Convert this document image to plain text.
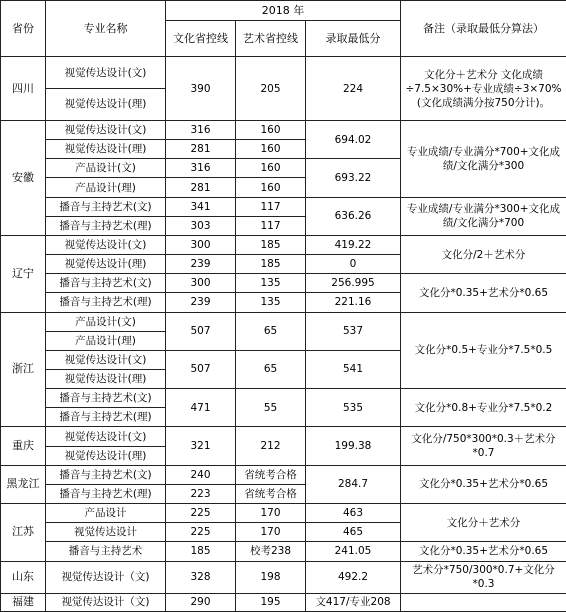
省份	专业名称	2018 年			备注（录取最低分算法）
		文化省控线	艺术省控线	录取最低分	
四川	视觉传达设计(文)	390	205	224	文化分＋艺术分 文化成绩÷7.5×30%+专业成绩÷3×70%(文化成绩满分按750分计)。
	视觉传达设计(理)				
安徽	视觉传达设计(文)	316	160	694.02	专业成绩/专业满分*700+文化成绩/文化满分*300
	视觉传达设计(理)	281	160		
	产品设计(文)	316	160	693.22	
	产品设计(理)	281	160		
	播音与主持艺术(文)	341	117	636.26	专业成绩/专业满分*300+文化成绩/文化满分*700
	播音与主持艺术(理)	303	117		
辽宁	视觉传达设计(文)	300	185	419.22	文化分/2＋艺术分
	视觉传达设计(理)	239	185	0	
	播音与主持艺术(文)	300	135	256.995	文化分*0.35+艺术分*0.65
	播音与主持艺术(理)	239	135	221.16	
浙江	产品设计(文)	507	65	537	文化分*0.5+专业分*7.5*0.5
	产品设计(理)				
	视觉传达设计(文)	507	65	541	
	视觉传达设计(理)				
	播音与主持艺术(文)	471	55	535	文化分*0.8+专业分*7.5*0.2
	播音与主持艺术(理)				
重庆	视觉传达设计(文)	321	212	199.38	文化分/750*300*0.3＋艺术分*0.7
	视觉传达设计(理)				
黑龙江	播音与主持艺术(文)	240	省统考合格	284.7	文化分*0.35+艺术分*0.65
	播音与主持艺术(理)	223	省统考合格		
江苏	产品设计	225	170	463	文化分＋艺术分
	视觉传达设计	225	170	465	
	播音与主持艺术	185	校考238	241.05	文化分*0.35+艺术分*0.65
山东	视觉传达设计（文)	328	198	492.2	艺术分*750/300*0.7+文化分*0.3
福建	视觉传达设计（文)	290	195	文417/专业208	
